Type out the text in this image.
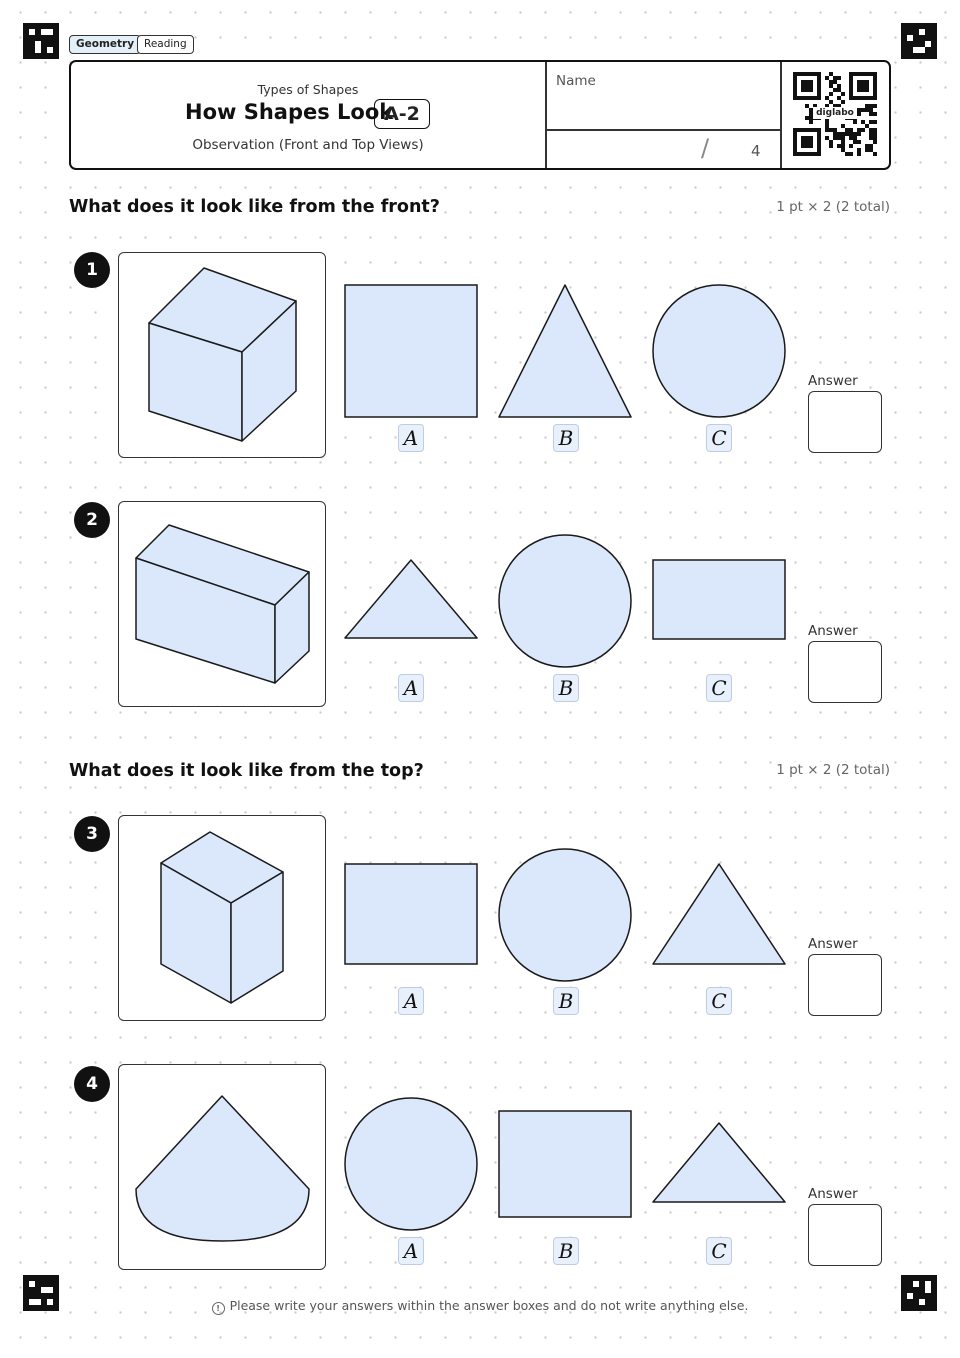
Geometry Reading
Types of Shapes
How Shapes Look
A-2
Observation (Front and Top Views)
Name
/	4
diglabo
What does it look like from the front?	1 pt × 2 (2 total)
1
A	B	C
Answer
2
A	B	C
Answer
What does it look like from the top?	1 pt × 2 (2 total)
3
A	B	C
Answer
4
A	B	C
Answer
! Please write your answers within the answer boxes and do not write anything else.
